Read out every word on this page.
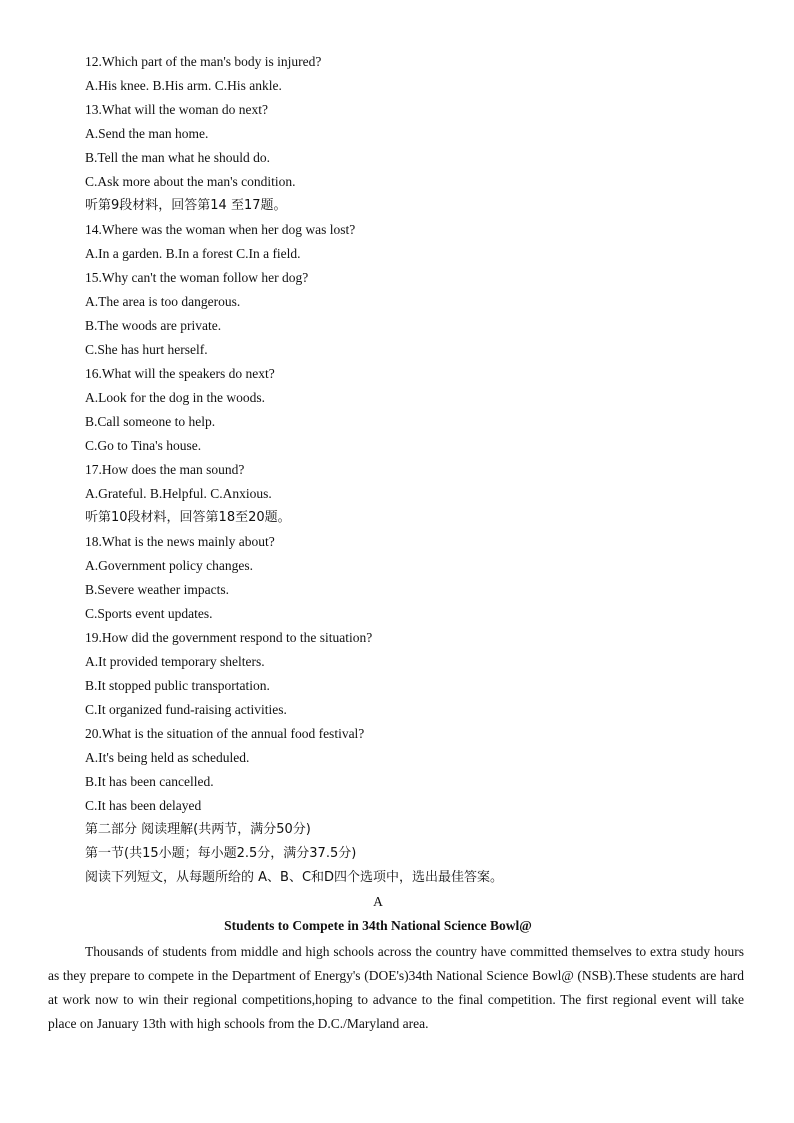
12.Which part of the man's body is injured?
A.His knee. B.His arm. C.His ankle.
13.What will the woman do next?
A.Send the man home.
B.Tell the man what he should do.
C.Ask more about the man's condition.
听第9段材料，回答第14 至17题。
14.Where was the woman when her dog was lost?
A.In a garden. B.In a forest C.In a field.
15.Why can't the woman follow her dog?
A.The area is too dangerous.
B.The woods are private.
C.She has hurt herself.
16.What will the speakers do next?
A.Look for the dog in the woods.
B.Call someone to help.
C.Go to Tina's house.
17.How does the man sound?
A.Grateful. B.Helpful. C.Anxious.
听第10段材料，回答第18至20题。
18.What is the news mainly about?
A.Government policy changes.
B.Severe weather impacts.
C.Sports event updates.
19.How did the government respond to the situation?
A.It provided temporary shelters.
B.It stopped public transportation.
C.It organized fund-raising activities.
20.What is the situation of the annual food festival?
A.It's being held as scheduled.
B.It has been cancelled.
C.It has been delayed
第二部分 阅读理解(共两节，满分50分)
第一节(共15小题；每小题2.5分，满分37.5分)
阅读下列短文，从每题所给的 A、B、C和D四个选项中，选出最佳答案。
A
Students to Compete in 34th National Science Bowl@

Thousands of students from middle and high schools across the country have committed themselves to extra study hours as they prepare to compete in the Department of Energy's (DOE's)34th National Science Bowl@ (NSB).These students are hard at work now to win their regional competitions,hoping to advance to the final competition. The first regional event will take place on January 13th with high schools from the D.C./Maryland area.
